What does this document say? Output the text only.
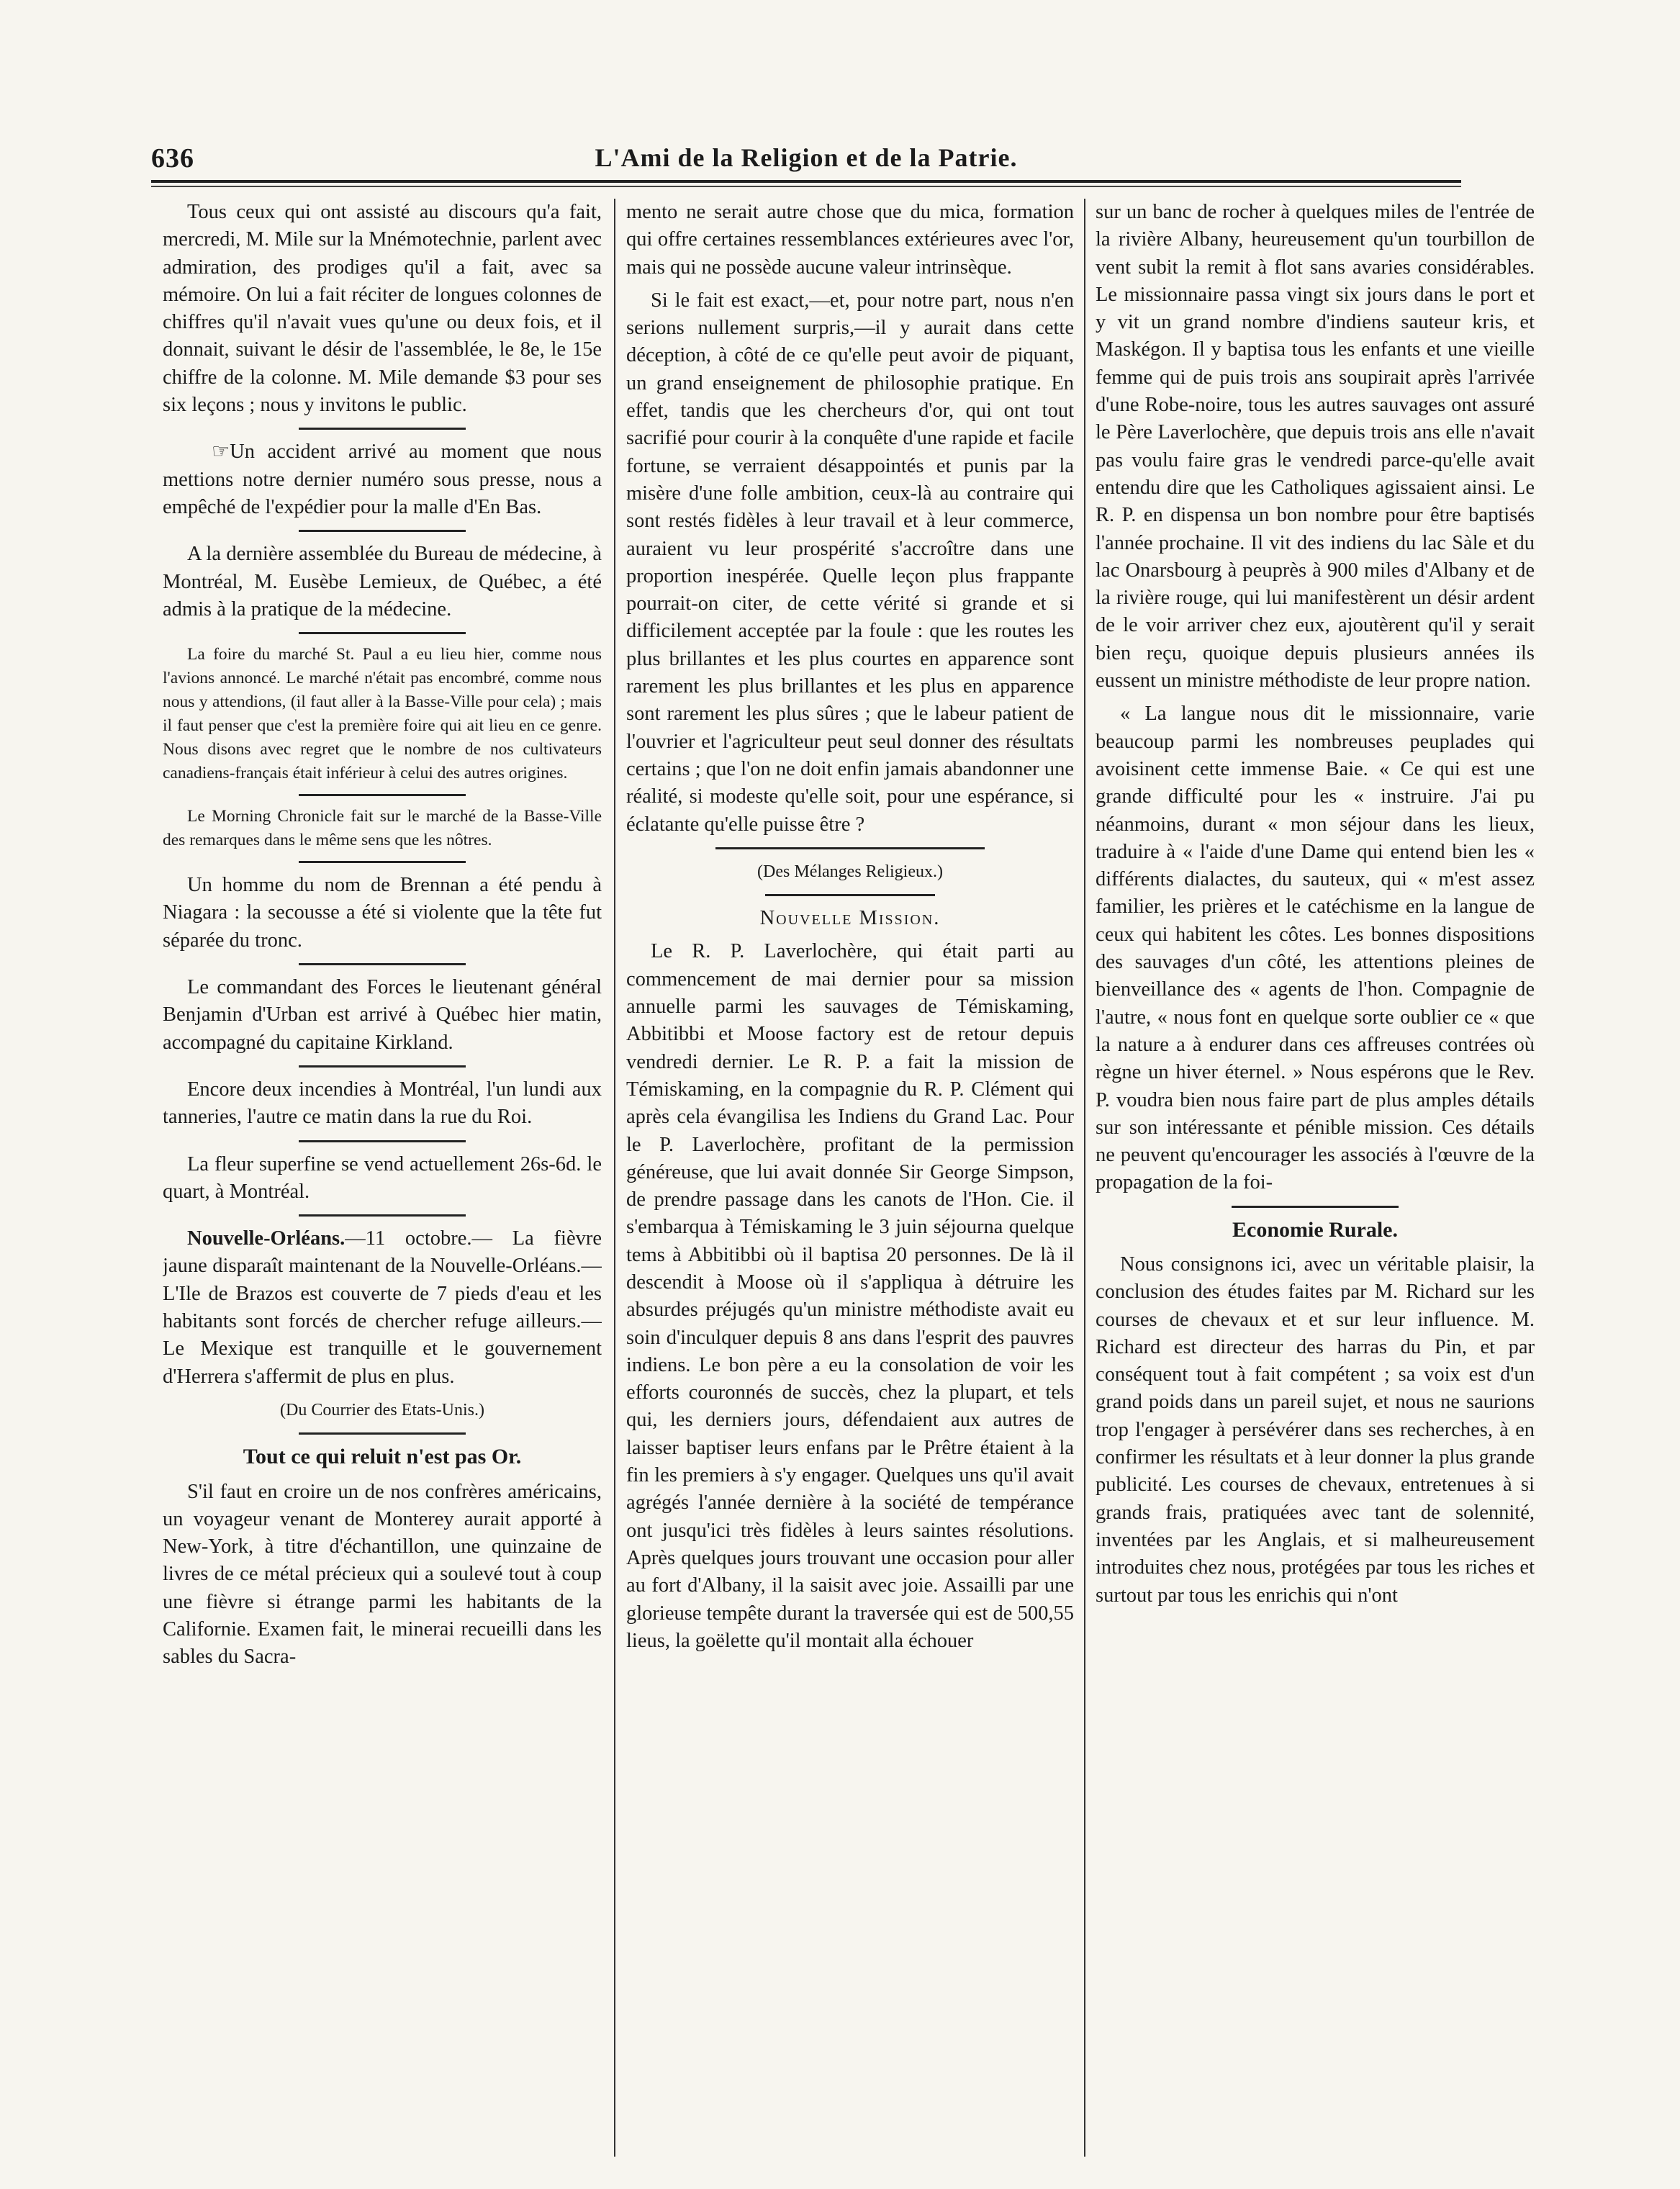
636	L'Ami de la Religion et de la Patrie.

Tous ceux qui ont assisté au discours qu'a fait, mercredi, M. Mile sur la Mnémotechnie, parlent avec admiration, des prodiges qu'il a fait, avec sa mémoire. On lui a fait réciter de longues colonnes de chiffres qu'il n'avait vues qu'une ou deux fois, et il donnait, suivant le désir de l'assemblée, le 8e, le 15e chiffre de la colonne. M. Mile demande $3 pour ses six leçons ; nous y invitons le public.

☞Un accident arrivé au moment que nous mettions notre dernier numéro sous presse, nous a empêché de l'expédier pour la malle d'En Bas.

A la dernière assemblée du Bureau de médecine, à Montréal, M. Eusèbe Lemieux, de Québec, a été admis à la pratique de la médecine.

La foire du marché St. Paul a eu lieu hier, comme nous l'avions annoncé. Le marché n'était pas encombré, comme nous nous y attendions, (il faut aller à la Basse-Ville pour cela) ; mais il faut penser que c'est la première foire qui ait lieu en ce genre. Nous disons avec regret que le nombre de nos cultivateurs canadiens-français était inférieur à celui des autres origines.

Le Morning Chronicle fait sur le marché de la Basse-Ville des remarques dans le même sens que les nôtres.

Un homme du nom de Brennan a été pendu à Niagara : la secousse a été si violente que la tête fut séparée du tronc.

Le commandant des Forces le lieutenant général Benjamin d'Urban est arrivé à Québec hier matin, accompagné du capitaine Kirkland.

Encore deux incendies à Montréal, l'un lundi aux tanneries, l'autre ce matin dans la rue du Roi.

La fleur superfine se vend actuellement 26s-6d. le quart, à Montréal.

Nouvelle-Orléans.—11 octobre.— La fièvre jaune disparaît maintenant de la Nouvelle-Orléans.—L'Ile de Brazos est couverte de 7 pieds d'eau et les habitants sont forcés de chercher refuge ailleurs.—Le Mexique est tranquille et le gouvernement d'Herrera s'affermit de plus en plus.

(Du Courrier des Etats-Unis.)
Tout ce qui reluit n'est pas Or.

S'il faut en croire un de nos confrères américains, un voyageur venant de Monterey aurait apporté à New-York, à titre d'échantillon, une quinzaine de livres de ce métal précieux qui a soulevé tout à coup une fièvre si étrange parmi les habitants de la Californie. Examen fait, le minerai recueilli dans les sables du Sacra-

mento ne serait autre chose que du mica, formation qui offre certaines ressemblances extérieures avec l'or, mais qui ne possède aucune valeur intrinsèque.

Si le fait est exact,—et, pour notre part, nous n'en serions nullement surpris,—il y aurait dans cette déception, à côté de ce qu'elle peut avoir de piquant, un grand enseignement de philosophie pratique. En effet, tandis que les chercheurs d'or, qui ont tout sacrifié pour courir à la conquête d'une rapide et facile fortune, se verraient désappointés et punis par la misère d'une folle ambition, ceux-là au contraire qui sont restés fidèles à leur travail et à leur commerce, auraient vu leur prospérité s'accroître dans une proportion inespérée. Quelle leçon plus frappante pourrait-on citer, de cette vérité si grande et si difficilement acceptée par la foule : que les routes les plus brillantes et les plus courtes en apparence sont rarement les plus brillantes et les plus en apparence sont rarement les plus sûres ; que le labeur patient de l'ouvrier et l'agriculteur peut seul donner des résultats certains ; que l'on ne doit enfin jamais abandonner une réalité, si modeste qu'elle soit, pour une espérance, si éclatante qu'elle puisse être ?

(Des Mélanges Religieux.)
Nouvelle Mission.

Le R. P. Laverlochère, qui était parti au commencement de mai dernier pour sa mission annuelle parmi les sauvages de Témiskaming, Abbitibbi et Moose factory est de retour depuis vendredi dernier. Le R. P. a fait la mission de Témiskaming, en la compagnie du R. P. Clément qui après cela évangilisa les Indiens du Grand Lac. Pour le P. Laverlochère, profitant de la permission généreuse, que lui avait donnée Sir George Simpson, de prendre passage dans les canots de l'Hon. Cie. il s'embarqua à Témiskaming le 3 juin séjourna quelque tems à Abbitibbi où il baptisa 20 personnes. De là il descendit à Moose où il s'appliqua à détruire les absurdes préjugés qu'un ministre méthodiste avait eu soin d'inculquer depuis 8 ans dans l'esprit des pauvres indiens. Le bon père a eu la consolation de voir les efforts couronnés de succès, chez la plupart, et tels qui, les derniers jours, défendaient aux autres de laisser baptiser leurs enfans par le Prêtre étaient à la fin les premiers à s'y engager. Quelques uns qu'il avait agrégés l'année dernière à la société de tempérance ont jusqu'ici très fidèles à leurs saintes résolutions. Après quelques jours trouvant une occasion pour aller au fort d'Albany, il la saisit avec joie. Assailli par une glorieuse tempête durant la traversée qui est de 500,55 lieus, la goëlette qu'il montait alla échouer

sur un banc de rocher à quelques miles de l'entrée de la rivière Albany, heureusement qu'un tourbillon de vent subit la remit à flot sans avaries considérables. Le missionnaire passa vingt six jours dans le port et y vit un grand nombre d'indiens sauteur kris, et Maskégon. Il y baptisa tous les enfants et une vieille femme qui de puis trois ans soupirait après l'arrivée d'une Robe-noire, tous les autres sauvages ont assuré le Père Laverlochère, que depuis trois ans elle n'avait pas voulu faire gras le vendredi parce-qu'elle avait entendu dire que les Catholiques agissaient ainsi. Le R. P. en dispensa un bon nombre pour être baptisés l'année prochaine. Il vit des indiens du lac Sàle et du lac Onarsbourg à peuprès à 900 miles d'Albany et de la rivière rouge, qui lui manifestèrent un désir ardent de le voir arriver chez eux, ajoutèrent qu'il y serait bien reçu, quoique depuis plusieurs années ils eussent un ministre méthodiste de leur propre nation.

« La langue nous dit le missionnaire, varie beaucoup parmi les nombreuses peuplades qui avoisinent cette immense Baie. « Ce qui est une grande difficulté pour les « instruire. J'ai pu néanmoins, durant « mon séjour dans les lieux, traduire à « l'aide d'une Dame qui entend bien les « différents dialactes, du sauteux, qui « m'est assez familier, les prières et le catéchisme en la langue de ceux qui habitent les côtes. Les bonnes dispositions des sauvages d'un côté, les attentions pleines de bienveillance des « agents de l'hon. Compagnie de l'autre, « nous font en quelque sorte oublier ce « que la nature a à endurer dans ces affreuses contrées où règne un hiver éternel. » Nous espérons que le Rev. P. voudra bien nous faire part de plus amples détails sur son intéressante et pénible mission. Ces détails ne peuvent qu'encourager les associés à l'œuvre de la propagation de la foi-

Economie Rurale.

Nous consignons ici, avec un véritable plaisir, la conclusion des études faites par M. Richard sur les courses de chevaux et et sur leur influence. M. Richard est directeur des harras du Pin, et par conséquent tout à fait compétent ; sa voix est d'un grand poids dans un pareil sujet, et nous ne saurions trop l'engager à persévérer dans ses recherches, à en confirmer les résultats et à leur donner la plus grande publicité. Les courses de chevaux, entretenues à si grands frais, pratiquées avec tant de solennité, inventées par les Anglais, et si malheureusement introduites chez nous, protégées par tous les riches et surtout par tous les enrichis qui n'ont
